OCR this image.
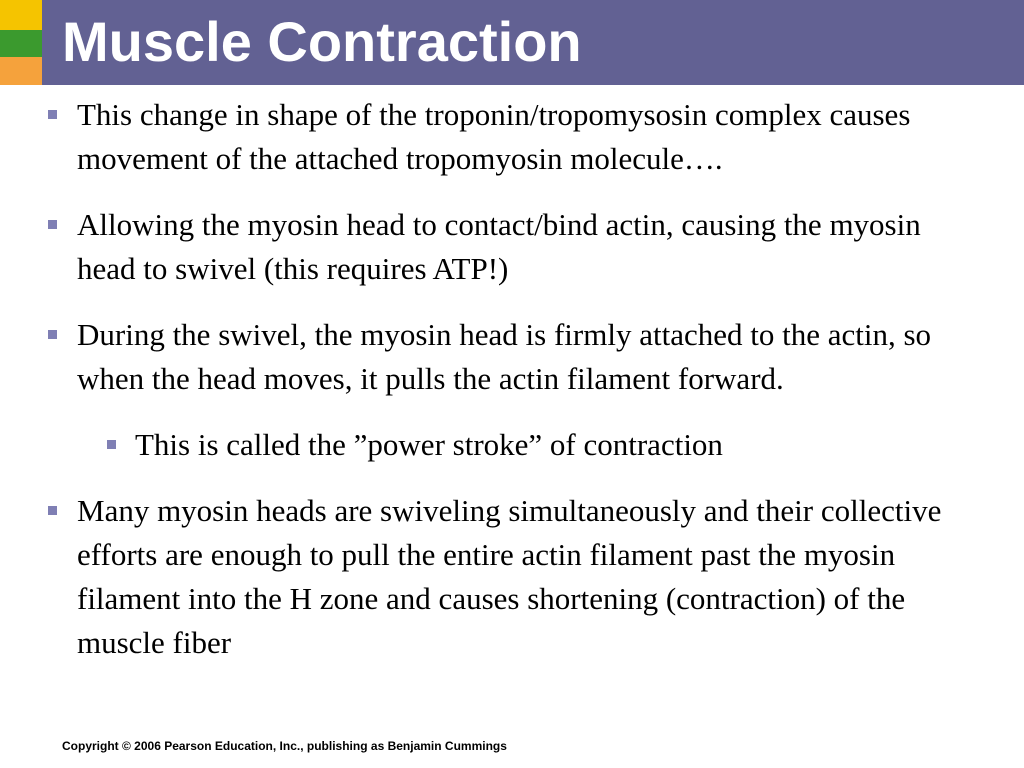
Muscle Contraction

This change in shape of the troponin/tropomysosin complex causes movement of the attached tropomyosin molecule….

Allowing the myosin head to contact/bind actin, causing the myosin head to swivel (this requires ATP!)

During the swivel, the myosin head is firmly attached to the actin, so when the head moves, it pulls the actin filament forward.

This is called the ”power stroke” of contraction

Many myosin heads are swiveling simultaneously and their collective efforts are enough to pull the entire actin filament past the myosin filament into the H zone and causes shortening (contraction) of the muscle fiber

Copyright © 2006 Pearson Education, Inc., publishing as Benjamin Cummings
